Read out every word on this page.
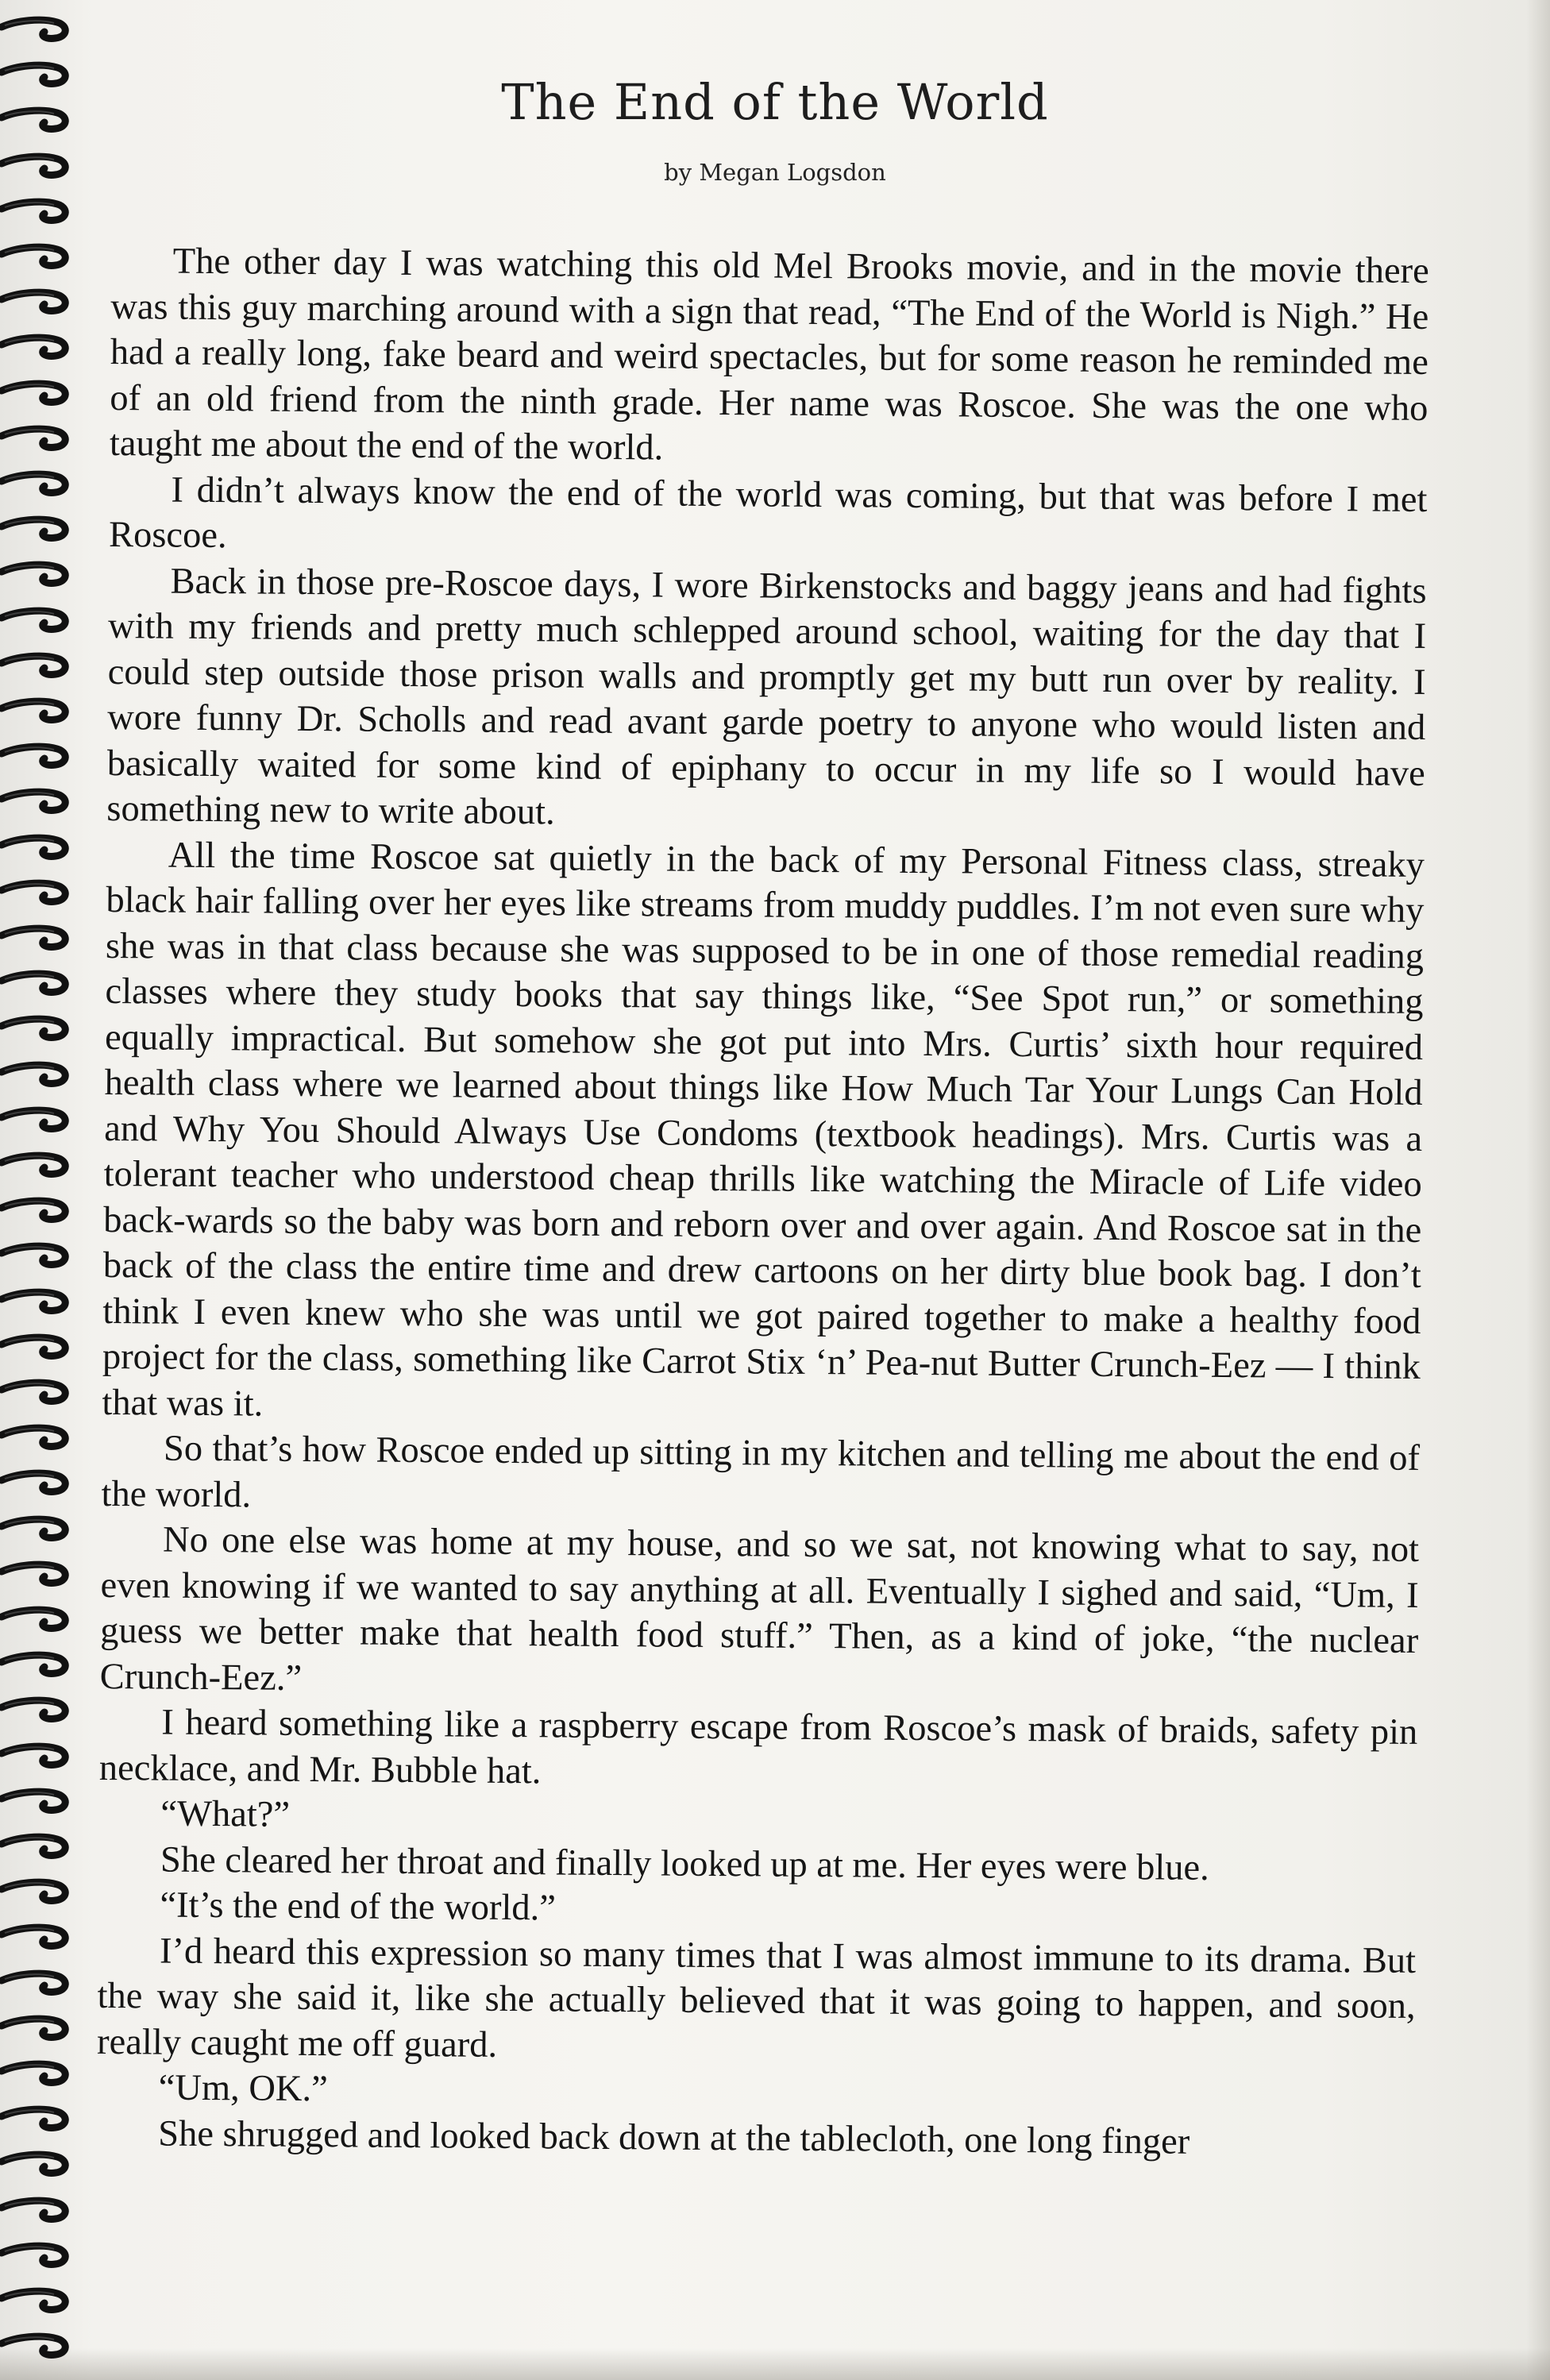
The End of the World
by Megan Logsdon

The other day I was watching this old Mel Brooks movie, and in the movie there was this guy marching around with a sign that read, “The End of the World is Nigh.” He had a really long, fake beard and weird spectacles, but for some reason he reminded me of an old friend from the ninth grade. Her name was Roscoe. She was the one who taught me about the end of the world.

I didn’t always know the end of the world was coming, but that was before I met Roscoe.

Back in those pre-Roscoe days, I wore Birkenstocks and baggy jeans and had fights with my friends and pretty much schlepped around school, waiting for the day that I could step outside those prison walls and promptly get my butt run over by reality. I wore funny Dr. Scholls and read avant garde poetry to anyone who would listen and basically waited for some kind of epiphany to occur in my life so I would have something new to write about.

All the time Roscoe sat quietly in the back of my Personal Fitness class, streaky black hair falling over her eyes like streams from muddy puddles. I’m not even sure why she was in that class because she was supposed to be in one of those remedial reading classes where they study books that say things like, “See Spot run,” or something equally impractical. But somehow she got put into Mrs. Curtis’ sixth hour required health class where we learned about things like How Much Tar Your Lungs Can Hold and Why You Should Always Use Condoms (textbook headings). Mrs. Curtis was a tolerant teacher who understood cheap thrills like watching the Miracle of Life video back-wards so the baby was born and reborn over and over again. And Roscoe sat in the back of the class the entire time and drew cartoons on her dirty blue book bag. I don’t think I even knew who she was until we got paired together to make a healthy food project for the class, something like Carrot Stix ‘n’ Pea-nut Butter Crunch-Eez — I think that was it.

So that’s how Roscoe ended up sitting in my kitchen and telling me about the end of the world.

No one else was home at my house, and so we sat, not knowing what to say, not even knowing if we wanted to say anything at all. Eventually I sighed and said, “Um, I guess we better make that health food stuff.” Then, as a kind of joke, “the nuclear Crunch-Eez.”

I heard something like a raspberry escape from Roscoe’s mask of braids, safety pin necklace, and Mr. Bubble hat.

“What?”

She cleared her throat and finally looked up at me. Her eyes were blue.

“It’s the end of the world.”

I’d heard this expression so many times that I was almost immune to its drama. But the way she said it, like she actually believed that it was going to happen, and soon, really caught me off guard.

“Um, OK.”

She shrugged and looked back down at the tablecloth, one long finger
